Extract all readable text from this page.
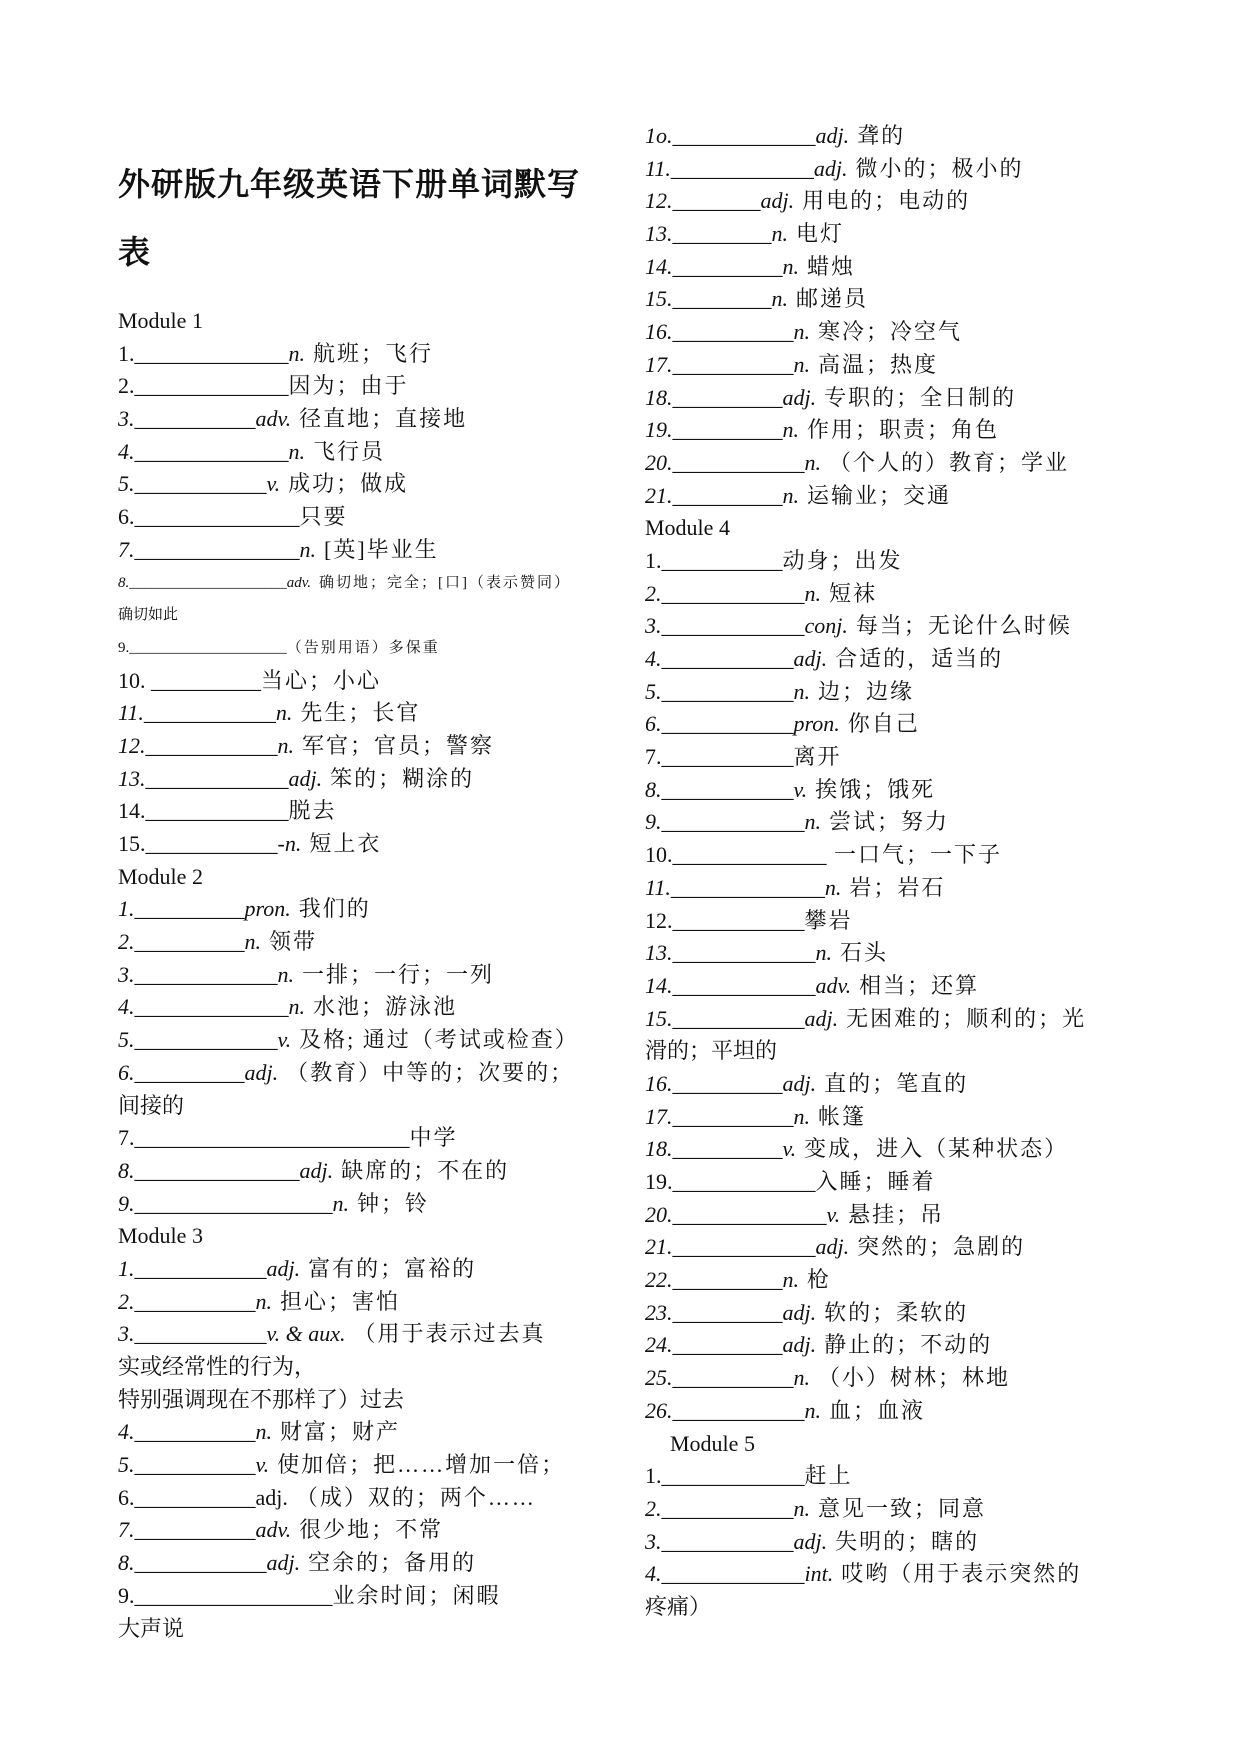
外研版九年级英语下册单词默写
表
Module 1
1.______________n. 航班；飞行
2.______________因为；由于
3.___________adv. 径直地；直接地
4.______________n. 飞行员
5.____________v. 成功；做成
6._______________只要
7._______________n. [英]毕业生
8._____________________adv. 确切地；完全；[口]（表示赞同）
确切如此
9._____________________（告别用语）多保重
10. __________当心；小心
11.____________n. 先生；长官
12.____________n. 军官；官员；警察
13._____________adj. 笨的；糊涂的
14._____________脱去
15.____________-n. 短上衣
Module 2
1.__________pron. 我们的
2.__________n. 领带
3._____________n. 一排；一行；一列
4.______________n. 水池；游泳池
5._____________v. 及格; 通过（考试或检查）
6.__________adj. （教育）中等的；次要的；
间接的
7._________________________中学
8._______________adj. 缺席的；不在的
9.__________________n. 钟；铃
Module 3
1.____________adj. 富有的；富裕的
2.___________n. 担心；害怕
3.____________v. & aux. （用于表示过去真
实或经常性的行为，
特别强调现在不那样了）过去
4.___________n. 财富；财产
5.___________v. 使加倍；把……增加一倍；
6.___________adj. （成）双的；两个……
7.___________adv. 很少地；不常
8.____________adj. 空余的；备用的
9.__________________业余时间；闲暇
大声说
1o._____________adj. 聋的
11._____________adj. 微小的；极小的
12.________adj. 用电的；电动的
13._________n. 电灯
14.__________n. 蜡烛
15._________n. 邮递员
16.___________n. 寒冷；冷空气
17.___________n. 高温；热度
18.__________adj. 专职的；全日制的
19.__________n. 作用；职责；角色
20.____________n. （个人的）教育；学业
21.__________n. 运输业；交通
Module 4
1.___________动身；出发
2._____________n. 短袜
3._____________conj. 每当；无论什么时候
4.____________adj. 合适的，适当的
5.____________n. 边；边缘
6.____________pron. 你自己
7.____________离开
8.____________v. 挨饿；饿死
9._____________n. 尝试；努力
10.______________ 一口气；一下子
11.______________n. 岩；岩石
12.____________攀岩
13._____________n. 石头
14._____________adv. 相当；还算
15.____________adj. 无困难的；顺利的；光
滑的；平坦的
16.__________adj. 直的；笔直的
17.___________n. 帐篷
18.__________v. 变成，进入（某种状态）
19._____________入睡；睡着
20.______________v. 悬挂；吊
21._____________adj. 突然的；急剧的
22.__________n. 枪
23.__________adj. 软的；柔软的
24.__________adj. 静止的；不动的
25.___________n. （小）树林；林地
26.____________n. 血；血液
Module 5
1._____________赶上
2.____________n. 意见一致；同意
3.____________adj. 失明的；瞎的
4._____________int. 哎哟（用于表示突然的
疼痛）
